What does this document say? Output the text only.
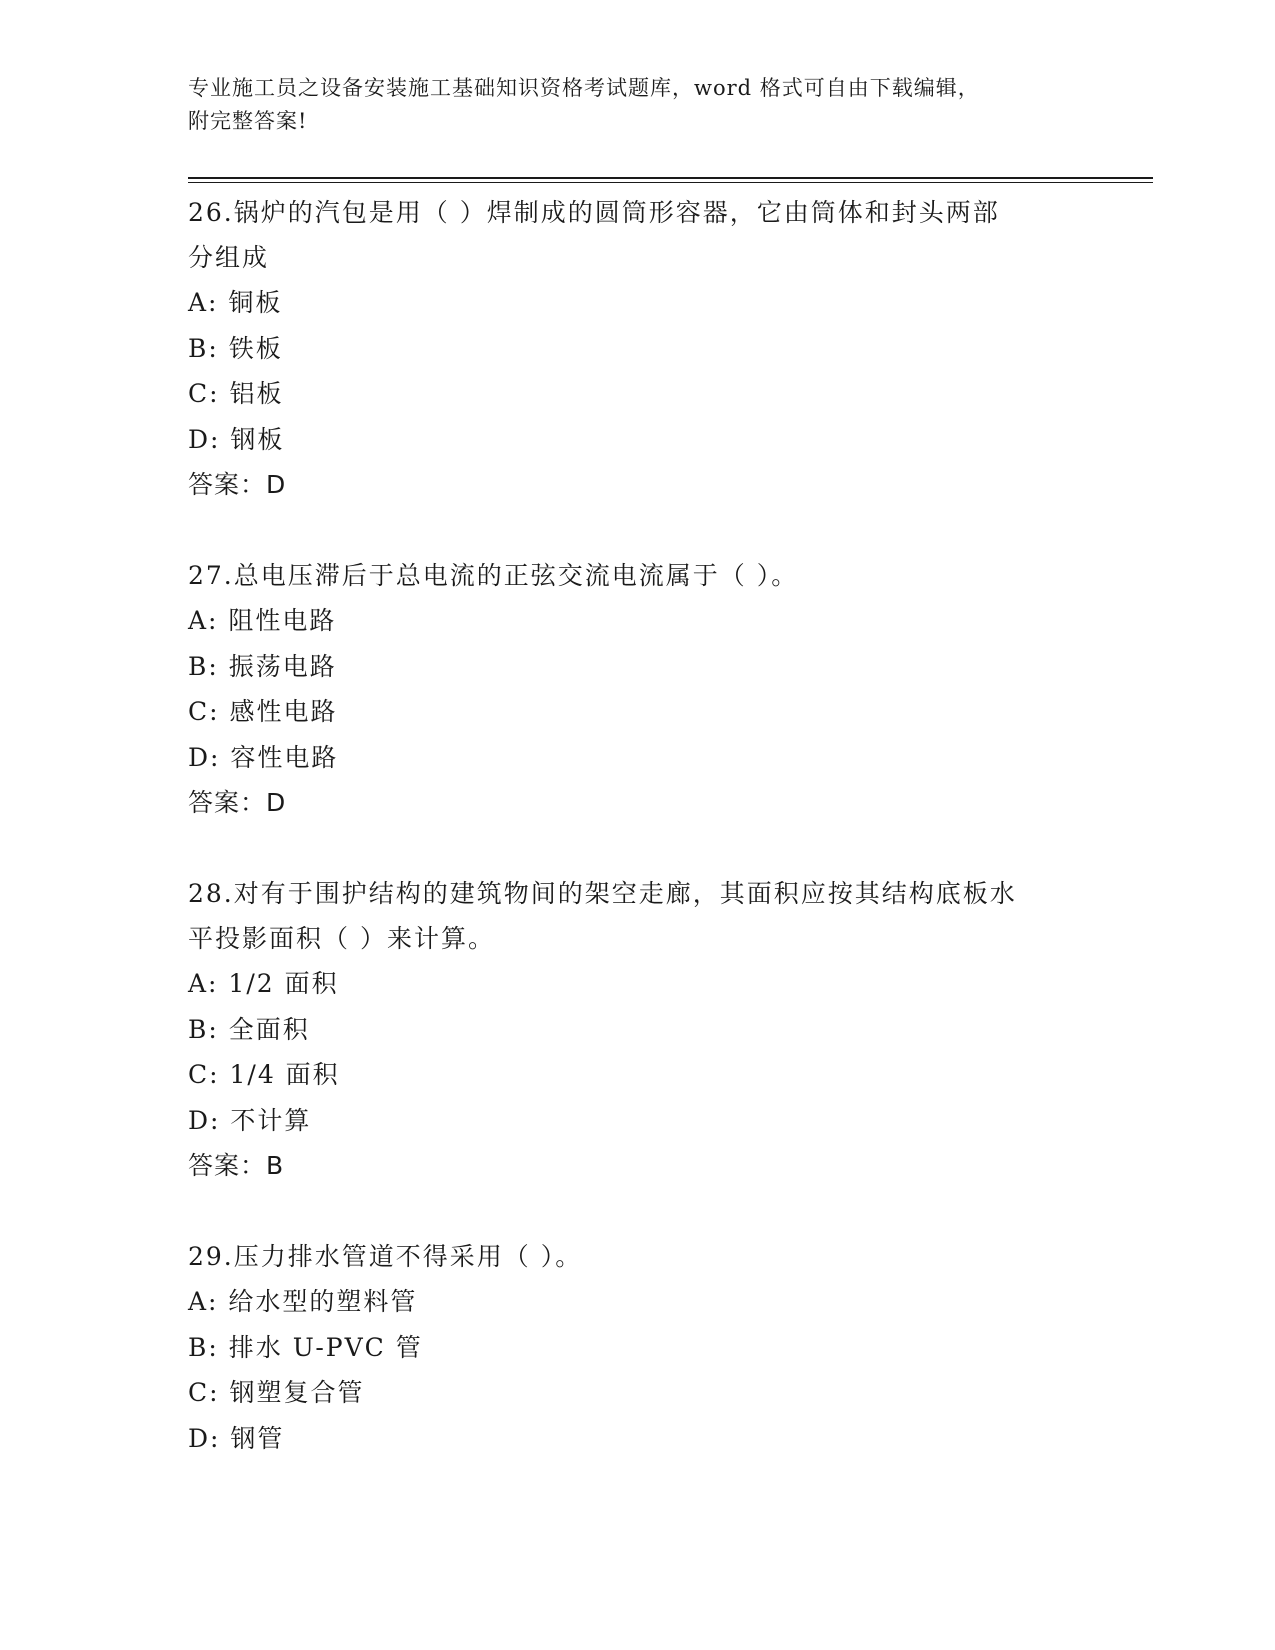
专业施工员之设备安装施工基础知识资格考试题库，word 格式可自由下载编辑，
附完整答案!

26.锅炉的汽包是用（ ）焊制成的圆筒形容器，它由筒体和封头两部

分组成

A: 铜板

B: 铁板

C: 铝板

D: 钢板

答案：D

27.总电压滞后于总电流的正弦交流电流属于（ ）。

A: 阻性电路

B: 振荡电路

C: 感性电路

D: 容性电路

答案：D

28.对有于围护结构的建筑物间的架空走廊，其面积应按其结构底板水

平投影面积（ ）来计算。

A: 1/2 面积

B: 全面积

C: 1/4 面积

D: 不计算

答案：B

29.压力排水管道不得采用（ ）。

A: 给水型的塑料管

B: 排水 U-PVC 管

C: 钢塑复合管

D: 钢管
